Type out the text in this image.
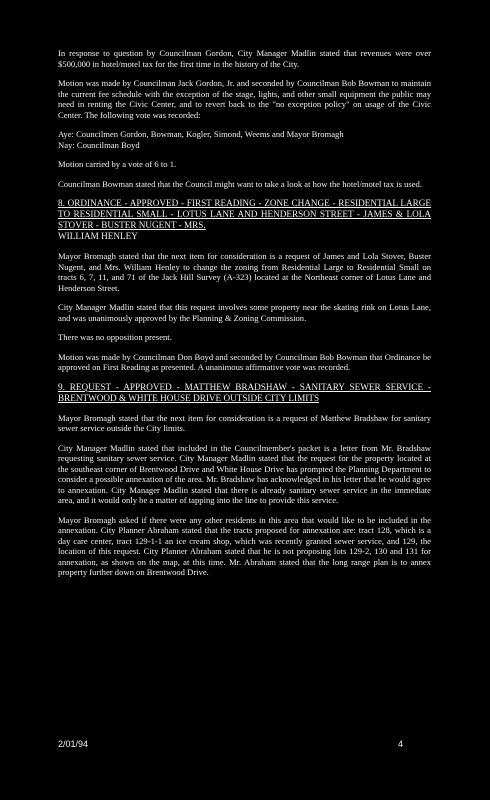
In response to question by Councilman Gordon, City Manager Madlin stated that revenues were over $500,000 in hotel/motel tax for the first time in the history of the City.

Motion was made by Councilman Jack Gordon, Jr. and seconded by Councilman Bob Bowman to maintain the current fee schedule with the exception of the stage, lights, and other small equipment the public may need in renting the Civic Center, and to revert back to the "no exception policy" on usage of the Civic Center. The following vote was recorded:

Aye: Councilmen Gordon, Bowman, Kogler, Simond, Weems and Mayor Bromagh

Nay: Councilman Boyd

Motion carried by a vote of 6 to 1.

Councilman Bowman stated that the Council might want to take a look at how the hotel/motel tax is used.

8. ORDINANCE - APPROVED - FIRST READING - ZONE CHANGE - RESIDENTIAL LARGE TO RESIDENTIAL SMALL - LOTUS LANE AND HENDERSON STREET - JAMES & LOLA STOVER - BUSTER NUGENT - MRS.

WILLIAM HENLEY

Mayor Bromagh stated that the next item for consideration is a request of James and Lola Stover, Buster Nugent, and Mrs. William Henley to change the zoning from Residential Large to Residential Small on tracts 6, 7, 11, and 71 of the Jack Hill Survey (A-323) located at the Northeast corner of Lotus Lane and Henderson Street.

City Manager Madlin stated that this request involves some property near the skating rink on Lotus Lane, and was unanimously approved by the Planning & Zoning Commission.

There was no opposition present.

Motion was made by Councilman Don Boyd and seconded by Councilman Bob Bowman that Ordinance be approved on First Reading as presented. A unanimous affirmative vote was recorded.

9. REQUEST - APPROVED - MATTHEW BRADSHAW - SANITARY SEWER SERVICE - BRENTWOOD & WHITE HOUSE DRIVE OUTSIDE CITY LIMITS

Mayor Bromagh stated that the next item for consideration is a request of Matthew Bradshaw for sanitary sewer service outside the City limits.

City Manager Madlin stated that included in the Councilmember's packet is a letter from Mr. Bradshaw requesting sanitary sewer service. City Manager Madlin stated that the request for the property located at the southeast corner of Brentwood Drive and White House Drive has prompted the Planning Department to consider a possible annexation of the area. Mr. Bradshaw has acknowledged in his letter that he would agree to annexation. City Manager Madlin stated that there is already sanitary sewer service in the immediate area, and it would only be a matter of tapping into the line to provide this service.

Mayor Bromagh asked if there were any other residents in this area that would like to be included in the annexation. City Planner Abraham stated that the tracts proposed for annexation are: tract 128, which is a day care center, tract 129-1-1 an ice cream shop, which was recently granted sewer service, and 129, the location of this request. City Planner Abraham stated that he is not proposing lots 129-2, 130 and 131 for annexation, as shown on the map, at this time. Mr. Abraham stated that the long range plan is to annex property further down on Brentwood Drive.

2/01/94	4
